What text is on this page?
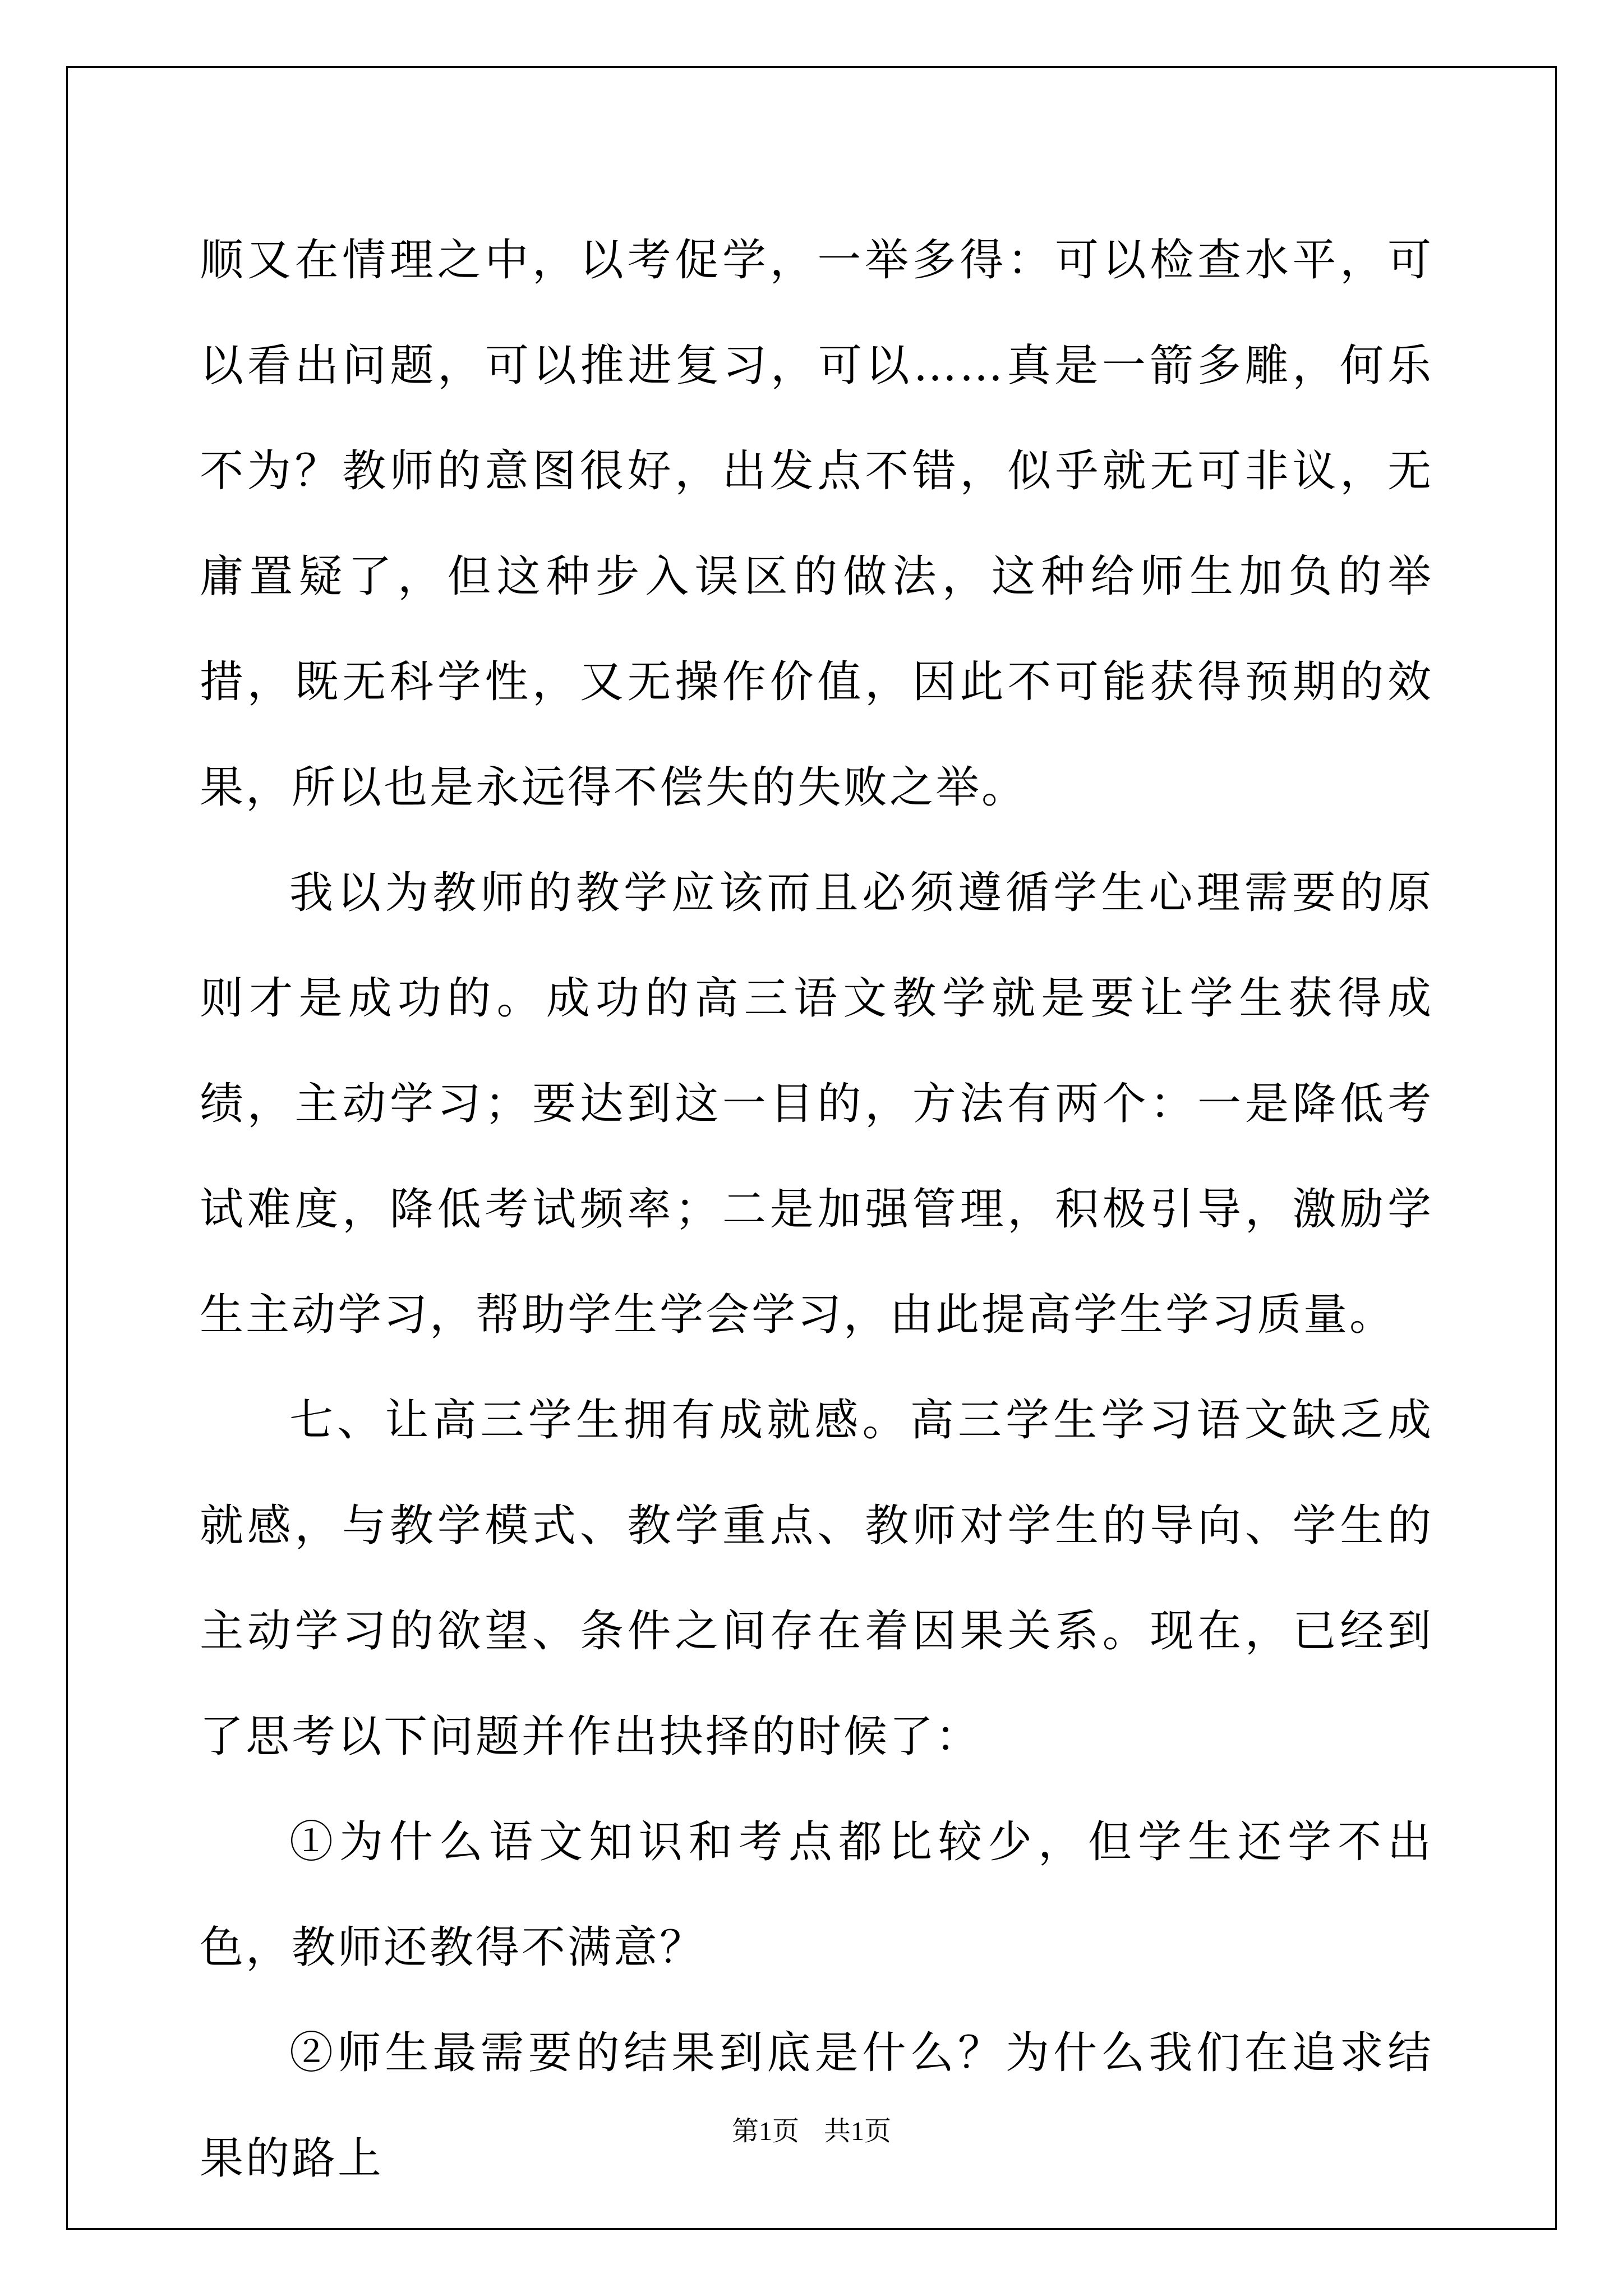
顺又在情理之中，以考促学，一举多得：可以检查水平，可以看出问题，可以推进复习，可以……真是一箭多雕，何乐不为？教师的意图很好，出发点不错，似乎就无可非议，无庸置疑了，但这种步入误区的做法，这种给师生加负的举措，既无科学性，又无操作价值，因此不可能获得预期的效果，所以也是永远得不偿失的失败之举。

我以为教师的教学应该而且必须遵循学生心理需要的原则才是成功的。成功的高三语文教学就是要让学生获得成绩，主动学习；要达到这一目的，方法有两个：一是降低考试难度，降低考试频率；二是加强管理，积极引导，激励学生主动学习，帮助学生学会学习，由此提高学生学习质量。

七、让高三学生拥有成就感。高三学生学习语文缺乏成就感，与教学模式、教学重点、教师对学生的导向、学生的主动学习的欲望、条件之间存在着因果关系。现在，已经到了思考以下问题并作出抉择的时候了：

①为什么语文知识和考点都比较少，但学生还学不出色，教师还教得不满意？

②师生最需要的结果到底是什么？为什么我们在追求结果的路上

第1页 共1页
